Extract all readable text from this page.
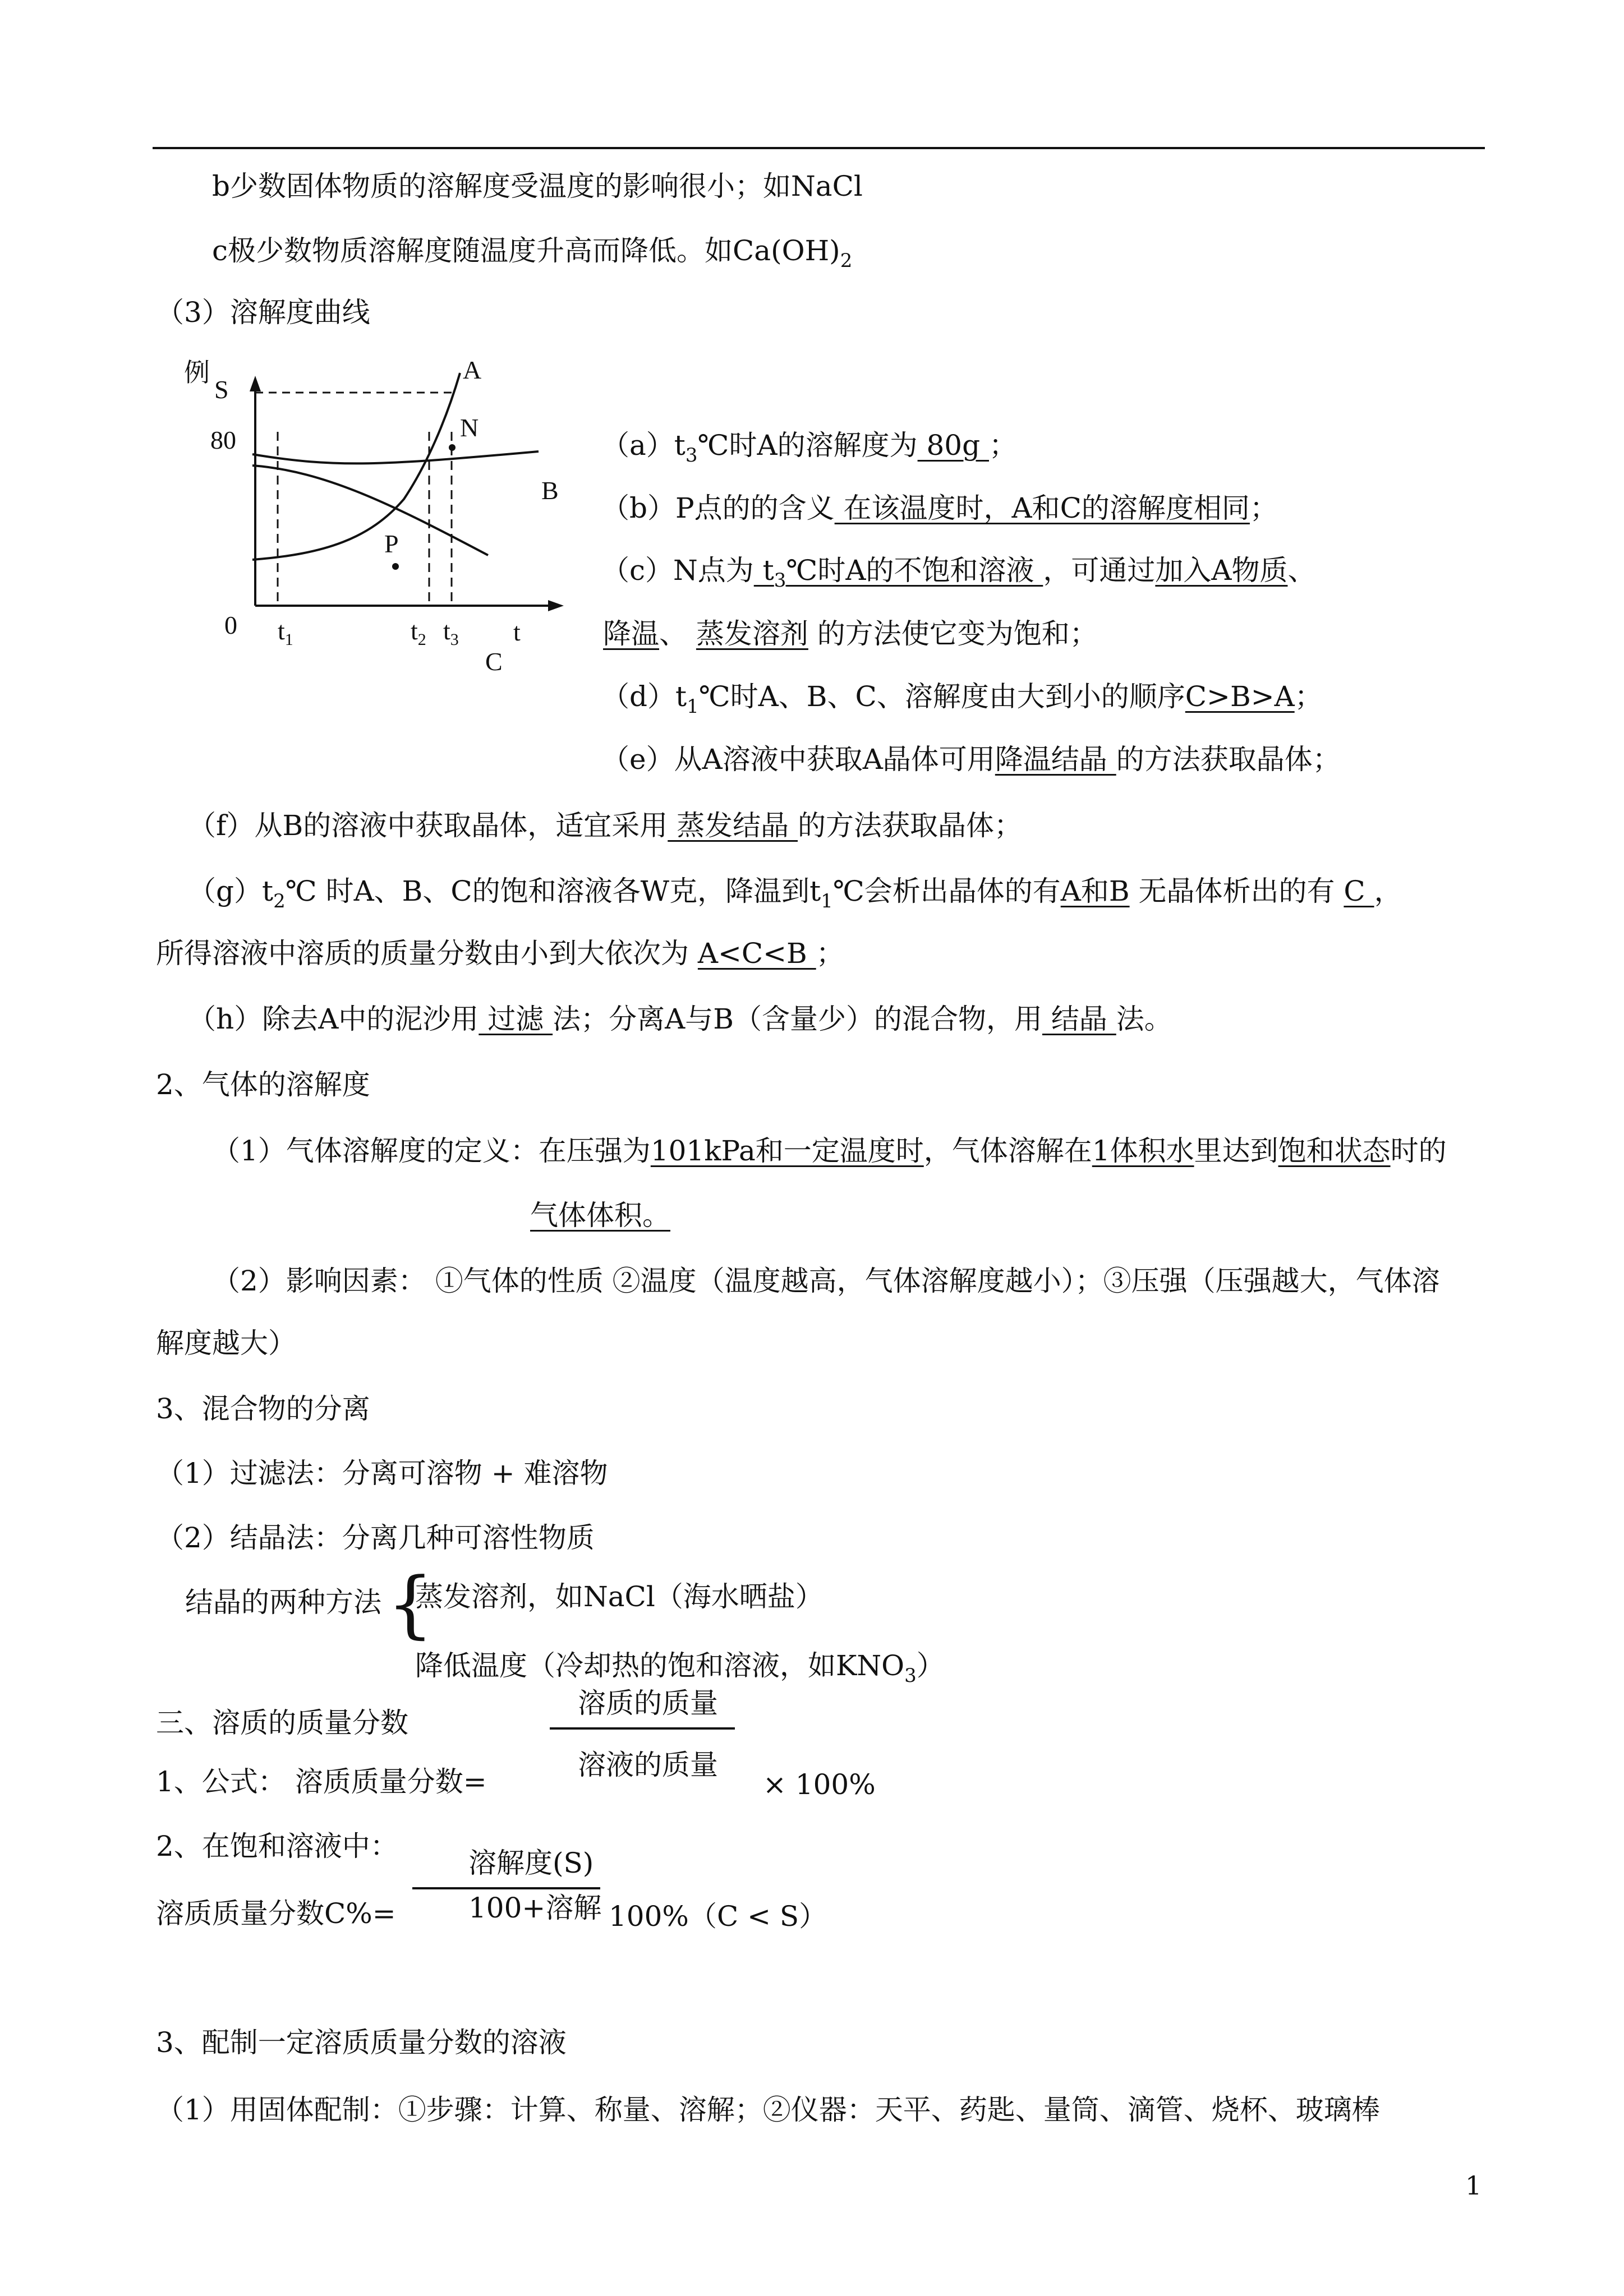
b少数固体物质的溶解度受温度的影响很小；如NaCl
c极少数物质溶解度随温度升高而降低。如$Ca(OH)_2$
（3）溶解度曲线
例
S
A
N
B
P
80
0 $t_1$	$t_2$ $t_3$ t
C
$(a)t_3℃$时A的溶解度为 80g ；
（b）P点的的含义 在该温度时，A和C的溶解度相同；
（c）N点为 $t_3℃$时A的不饱和溶液 ，可通过加入A物质、
降温、 蒸发溶剂 的方法使它变为饱和；
$(d)t_1℃$时A、B、C、溶解度由大到小的顺序C>B>A；
（e）从A溶液中获取A晶体可用降温结晶 的方法获取晶体；
（f）从B的溶液中获取晶体，适宜采用 蒸发结晶 的方法获取晶体；
$(g)t_2℃$ 时A、B、C的饱和溶液各W克，降温到$t_1℃$会析出晶体的有A和B 无晶体析出的有 C ，
所得溶液中溶质的质量分数由小到大依次为 A<C<B ；
（h）除去A中的泥沙用 过滤 法；分离A与B（含量少）的混合物，用 结晶 法。
2、气体的溶解度
（1）气体溶解度的定义：在压强为101kPa和一定温度时，气体溶解在1体积水里达到饱和状态时的
气体体积。
（2）影响因素： ①气体的性质 ②温度（温度越高，气体溶解度越小）；③压强（压强越大，气体溶
解度越大）
3、混合物的分离
（1）过滤法：分离可溶物 + 难溶物
（2）结晶法：分离几种可溶性物质
结晶的两种方法 {
蒸发溶剂，如NaCl（海水晒盐）
降低温度（冷却热的饱和溶液，如$KNO_3$）
三、溶质的质量分数
溶质的质量
1、公式： 溶质质量分数=
溶液的质量
× 100%
2、在饱和溶液中：
溶解度(S)
溶质质量分数C%=	100+溶解 100%（C < S）
3、配制一定溶质质量分数的溶液
（1）用固体配制：①步骤：计算、称量、溶解；②仪器：天平、药匙、量筒、滴管、烧杯、玻璃棒
1
